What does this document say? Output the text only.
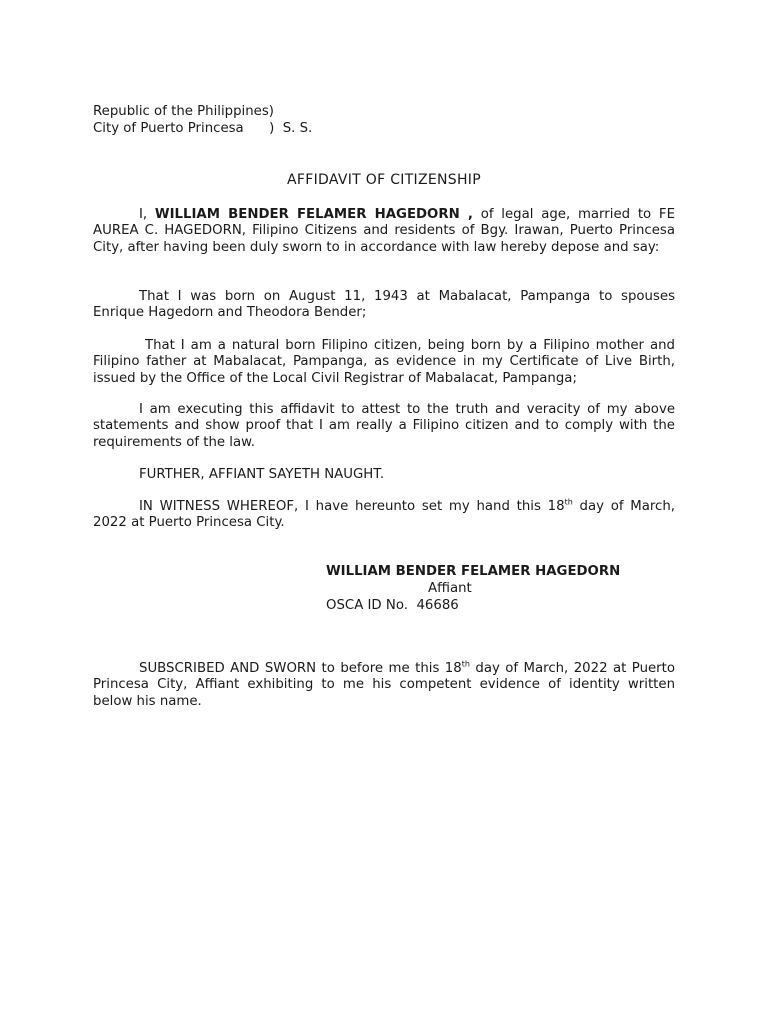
Republic of the Philippines)
City of Puerto Princesa      )  S. S.
AFFIDAVIT OF CITIZENSHIP
I, WILLIAM BENDER FELAMER HAGEDORN , of legal age, married to FE AUREA C. HAGEDORN, Filipino Citizens and residents of Bgy. Irawan, Puerto Princesa City, after having been duly sworn to in accordance with law hereby depose and say:
That I was born on August 11, 1943 at Mabalacat, Pampanga to spouses Enrique Hagedorn and Theodora Bender;
That I am a natural born Filipino citizen, being born by a Filipino mother and Filipino father at Mabalacat, Pampanga, as evidence in my Certificate of Live Birth, issued by the Office of the Local Civil Registrar of Mabalacat, Pampanga;
I am executing this affidavit to attest to the truth and veracity of my above statements and show proof that I am really a Filipino citizen and to comply with the requirements of the law.
FURTHER, AFFIANT SAYETH NAUGHT.
IN WITNESS WHEREOF, I have hereunto set my hand this 18th day of March, 2022 at Puerto Princesa City.
WILLIAM BENDER FELAMER HAGEDORN
Affiant
OSCA ID No.  46686
SUBSCRIBED AND SWORN to before me this 18th day of March, 2022 at Puerto Princesa City, Affiant exhibiting to me his competent evidence of identity written below his name.
